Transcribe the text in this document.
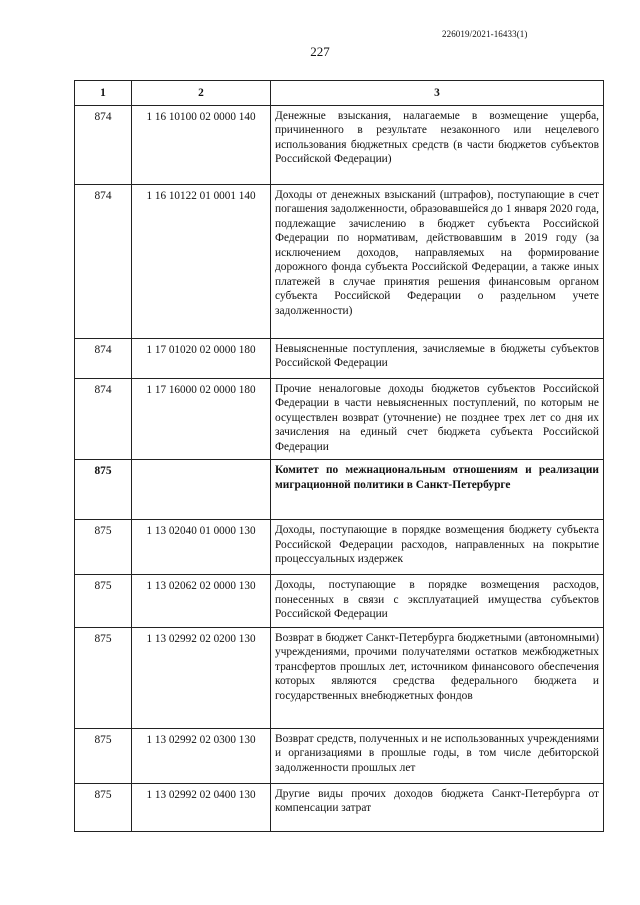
226019/2021-16433(1)
227
1	2	3
874	1 16 10100 02 0000 140	Денежные взыскания, налагаемые в возмещение ущерба, причиненного в результате незаконного или нецелевого использования бюджетных средств (в части бюджетов субъектов Российской Федерации)
874	1 16 10122 01 0001 140	Доходы от денежных взысканий (штрафов), поступающие в счет погашения задолженности, образовавшейся до 1 января 2020 года, подлежащие зачислению в бюджет субъекта Российской Федерации по нормативам, действовавшим в 2019 году (за исключением доходов, направляемых на формирование дорожного фонда субъекта Российской Федерации, а также иных платежей в случае принятия решения финансовым органом субъекта Российской Федерации о раздельном учете задолженности)
874	1 17 01020 02 0000 180	Невыясненные поступления, зачисляемые в бюджеты субъектов Российской Федерации
874	1 17 16000 02 0000 180	Прочие неналоговые доходы бюджетов субъектов Российской Федерации в части невыясненных поступлений, по которым не осуществлен возврат (уточнение) не позднее трех лет со дня их зачисления на единый счет бюджета субъекта Российской Федерации
875		Комитет по межнациональным отношениям и реализации миграционной политики в Санкт-Петербурге
875	1 13 02040 01 0000 130	Доходы, поступающие в порядке возмещения бюджету субъекта Российской Федерации расходов, направленных на покрытие процессуальных издержек
875	1 13 02062 02 0000 130	Доходы, поступающие в порядке возмещения расходов, понесенных в связи с эксплуатацией имущества субъектов Российской Федерации
875	1 13 02992 02 0200 130	Возврат в бюджет Санкт-Петербурга бюджетными (автономными) учреждениями, прочими получателями остатков межбюджетных трансфертов прошлых лет, источником финансового обеспечения которых являются средства федерального бюджета и государственных внебюджетных фондов
875	1 13 02992 02 0300 130	Возврат средств, полученных и не использованных учреждениями и организациями в прошлые годы, в том числе дебиторской задолженности прошлых лет
875	1 13 02992 02 0400 130	Другие виды прочих доходов бюджета Санкт-Петербурга от компенсации затрат
